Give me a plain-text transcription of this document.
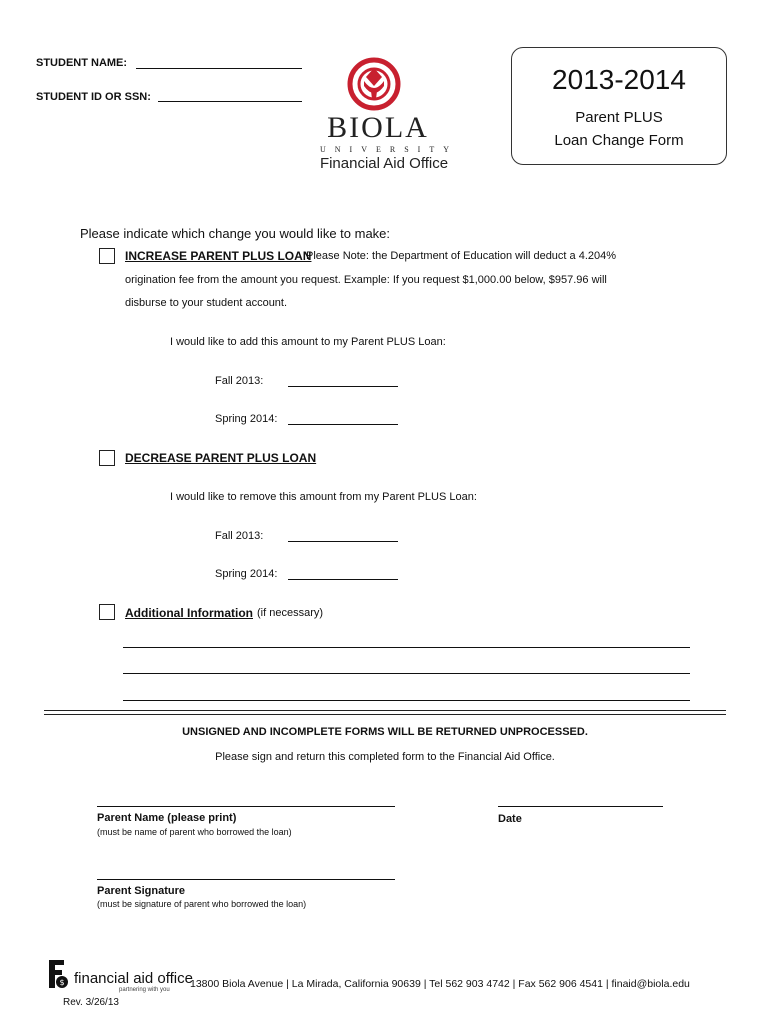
STUDENT NAME:
STUDENT ID OR SSN:
BIOLA
UNIVERSITY
Financial Aid Office
2013-2014
Parent PLUS
Loan Change Form
Please indicate which change you would like to make:
INCREASE PARENT PLUS LOAN
Please Note: the Department of Education will deduct a 4.204%
origination fee from the amount you request. Example: If you request $1,000.00 below, $957.96 will
disburse to your student account.
I would like to add this amount to my Parent PLUS Loan:
Fall 2013:
Spring 2014:
DECREASE PARENT PLUS LOAN
I would like to remove this amount from my Parent PLUS Loan:
Fall 2013:
Spring 2014:
Additional Information (if necessary)
UNSIGNED AND INCOMPLETE FORMS WILL BE RETURNED UNPROCESSED.
Please sign and return this completed form to the Financial Aid Office.
Parent Name (please print)
(must be name of parent who borrowed the loan)
Date
Parent Signature
(must be signature of parent who borrowed the loan)
$ financial aid office
partnering with you 13800 Biola Avenue | La Mirada, California 90639 | Tel 562 903 4742 | Fax 562 906 4541 | finaid@biola.edu
Rev. 3/26/13
